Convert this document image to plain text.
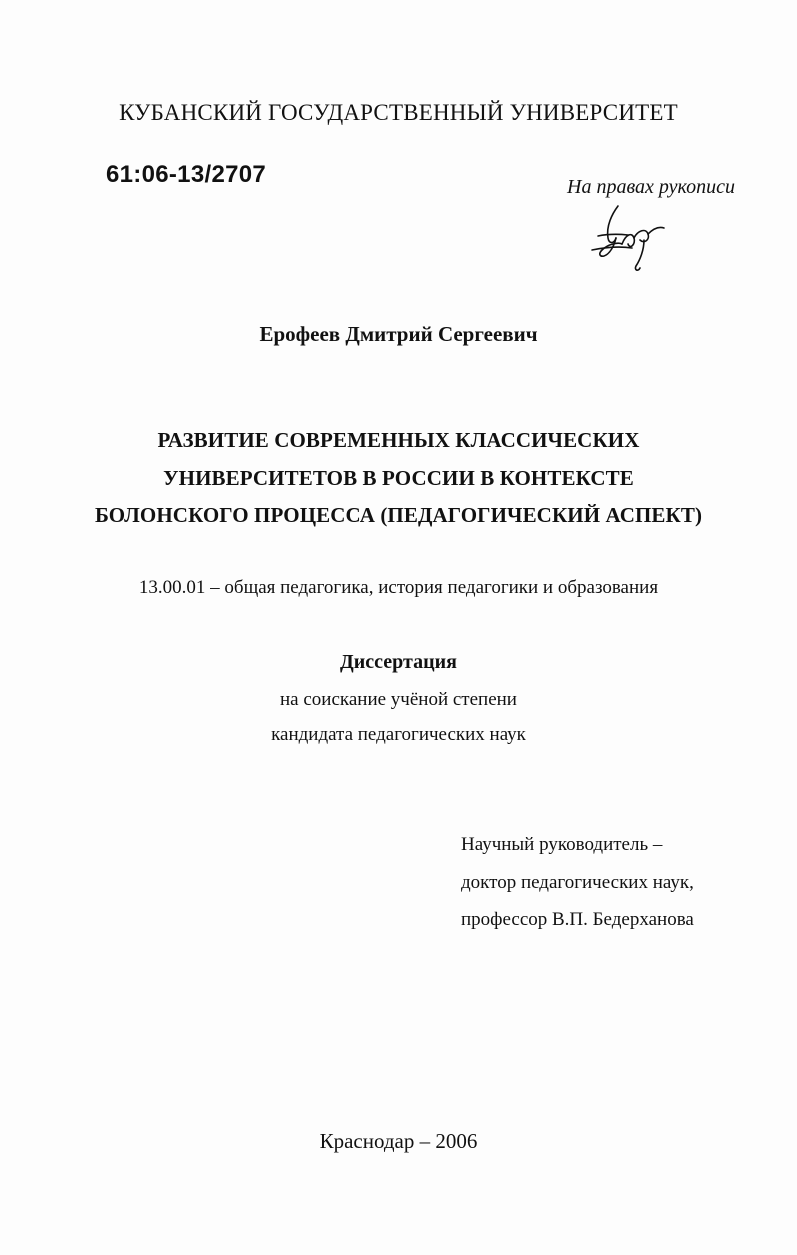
КУБАНСКИЙ ГОСУДАРСТВЕННЫЙ УНИВЕРСИТЕТ
61:06-13/2707	На правах рукописи
Ерофеев Дмитрий Сергеевич
РАЗВИТИЕ СОВРЕМЕННЫХ КЛАССИЧЕСКИХ
УНИВЕРСИТЕТОВ В РОССИИ В КОНТЕКСТЕ
БОЛОНСКОГО ПРОЦЕССА (ПЕДАГОГИЧЕСКИЙ АСПЕКТ)
13.00.01 – общая педагогика, история педагогики и образования
Диссертация
на соискание учёной степени
кандидата педагогических наук
Научный руководитель –
доктор педагогических наук,
профессор В.П. Бедерханова
Краснодар – 2006
